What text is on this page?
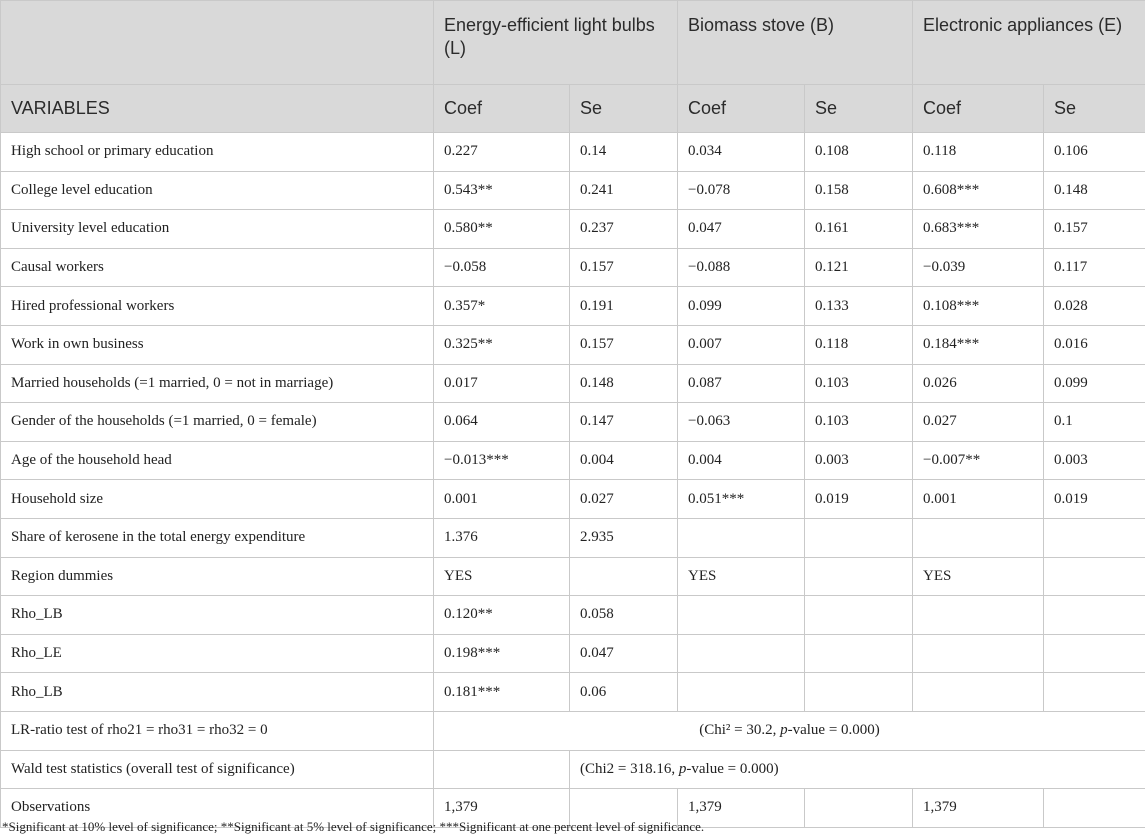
	Energy-efficient light bulbs (L)		Biomass stove (B)		Electronic appliances (E)	
VARIABLES	Coef	Se	Coef	Se	Coef	Se
High school or primary education	0.227	0.14	0.034	0.108	0.118	0.106
College level education	0.543**	0.241	−0.078	0.158	0.608***	0.148
University level education	0.580**	0.237	0.047	0.161	0.683***	0.157
Causal workers	−0.058	0.157	−0.088	0.121	−0.039	0.117
Hired professional workers	0.357*	0.191	0.099	0.133	0.108***	0.028
Work in own business	0.325**	0.157	0.007	0.118	0.184***	0.016
Married households (=1 married, 0 = not in marriage)	0.017	0.148	0.087	0.103	0.026	0.099
Gender of the households (=1 married, 0 = female)	0.064	0.147	−0.063	0.103	0.027	0.1
Age of the household head	−0.013***	0.004	0.004	0.003	−0.007**	0.003
Household size	0.001	0.027	0.051***	0.019	0.001	0.019
Share of kerosene in the total energy expenditure	1.376	2.935				
Region dummies	YES		YES		YES	
Rho_LB	0.120**	0.058				
Rho_LE	0.198***	0.047				
Rho_LB	0.181***	0.06				
LR-ratio test of rho21 = rho31 = rho32 = 0	(Chi² = 30.2, p-value = 0.000)					
Wald test statistics (overall test of significance)		(Chi2 = 318.16, p-value = 0.000)				
Observations	1,379		1,379		1,379	
*Significant at 10% level of significance; **Significant at 5% level of significance; ***Significant at one percent level of significance.
